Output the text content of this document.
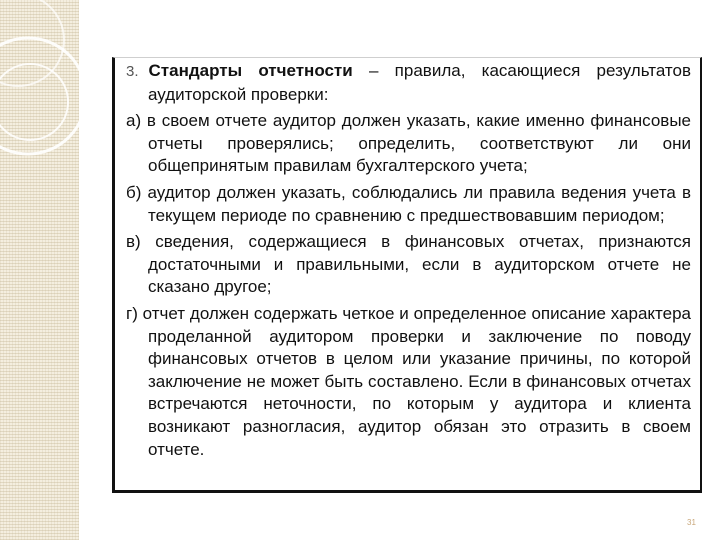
3. Стандарты отчетности – правила, касающиеся результатов аудиторской проверки:

а) в своем отчете аудитор должен указать, какие именно финансовые отчеты проверялись; определить, соответствуют ли они общепринятым правилам бухгалтерского учета;

б) аудитор должен указать, соблюдались ли правила ведения учета в текущем периоде по сравнению с предшествовавшим периодом;

в) сведения, содержащиеся в финансовых отчетах, признаются достаточными и правильными, если в аудиторском отчете не сказано другое;

г) отчет должен содержать четкое и определенное описание характера проделанной аудитором проверки и заключение по поводу финансовых отчетов в целом или указание причины, по которой заключение не может быть составлено. Если в финансовых отчетах встречаются неточности, по которым у аудитора и клиента возникают разногласия, аудитор обязан это отразить в своем отчете.

31
